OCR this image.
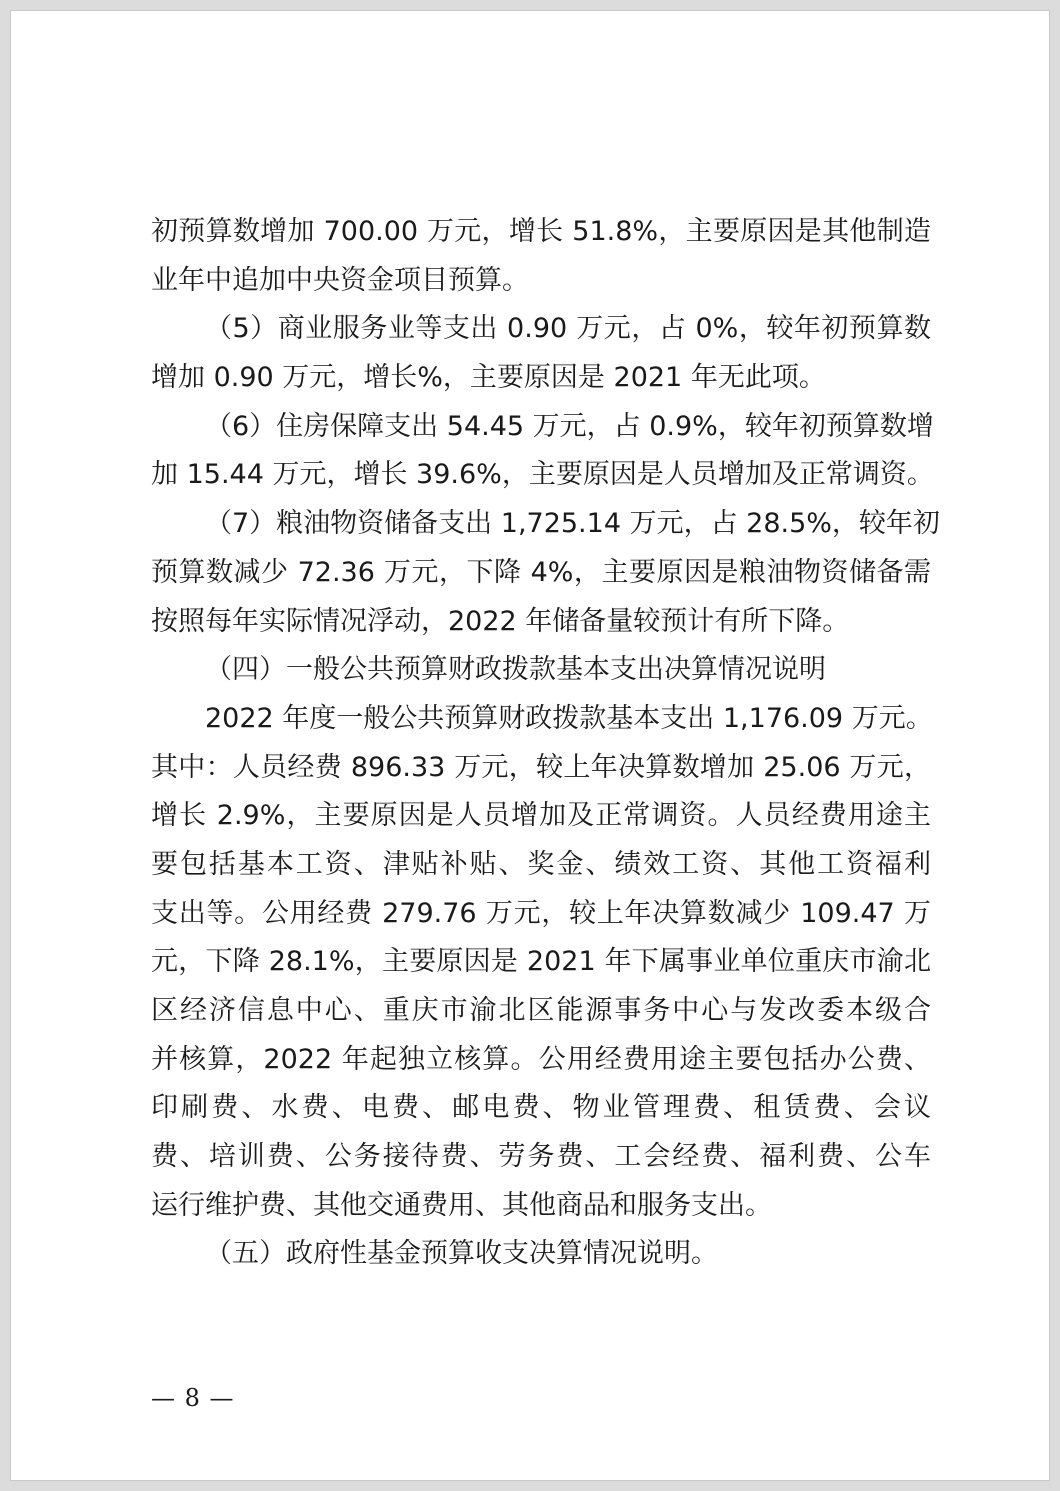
初预算数增加 700.00 万元，增长 51.8%，主要原因是其他制造
业年中追加中央资金项目预算。
（5）商业服务业等支出 0.90 万元，占 0%，较年初预算数
增加 0.90 万元，增长%，主要原因是 2021 年无此项。
（6）住房保障支出 54.45 万元，占 0.9%，较年初预算数增
加 15.44 万元，增长 39.6%，主要原因是人员增加及正常调资。
（7）粮油物资储备支出 1,725.14 万元，占 28.5%，较年初
预算数减少 72.36 万元，下降 4%，主要原因是粮油物资储备需
按照每年实际情况浮动，2022 年储备量较预计有所下降。
（四）一般公共预算财政拨款基本支出决算情况说明
2022 年度一般公共预算财政拨款基本支出 1,176.09 万元。
其中：人员经费 896.33 万元，较上年决算数增加 25.06 万元，
增长 2.9%，主要原因是人员增加及正常调资。人员经费用途主
要包括基本工资、津贴补贴、奖金、绩效工资、其他工资福利
支出等。公用经费 279.76 万元，较上年决算数减少 109.47 万
元，下降 28.1%，主要原因是 2021 年下属事业单位重庆市渝北
区经济信息中心、重庆市渝北区能源事务中心与发改委本级合
并核算，2022 年起独立核算。公用经费用途主要包括办公费、
印刷费、水费、电费、邮电费、物业管理费、租赁费、会议
费、培训费、公务接待费、劳务费、工会经费、福利费、公车
运行维护费、其他交通费用、其他商品和服务支出。
（五）政府性基金预算收支决算情况说明。
— 8 —
